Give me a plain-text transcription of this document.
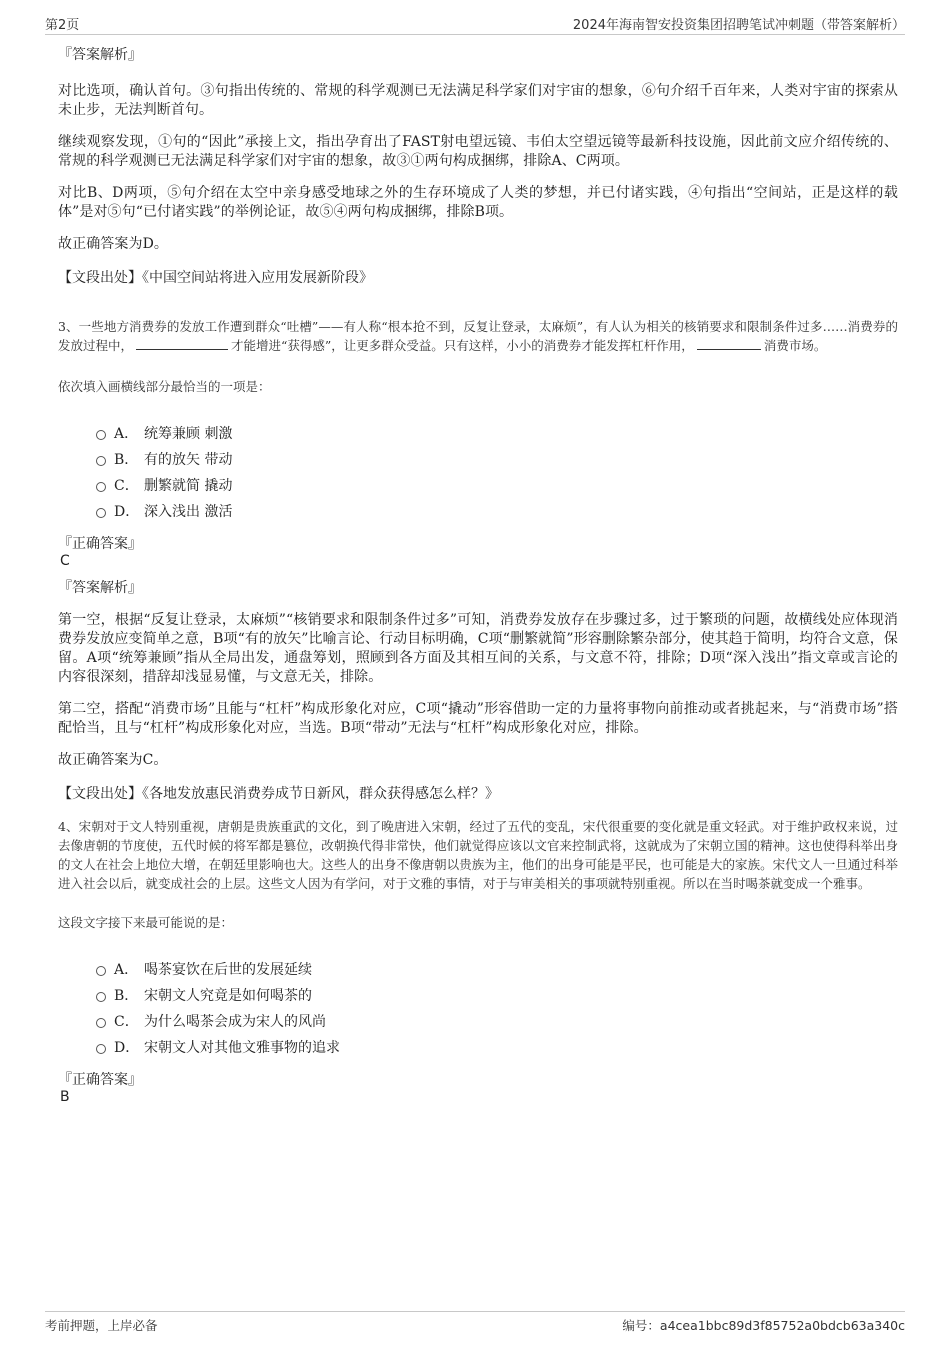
第2页	2024年海南智安投资集团招聘笔试冲刺题（带答案解析）
『答案解析』

对比选项，确认首句。③句指出传统的、常规的科学观测已无法满足科学家们对宇宙的想象，⑥句介绍千百年来，人类对宇宙的探索从未止步，无法判断首句。

继续观察发现，①句的“因此”承接上文，指出孕育出了FAST射电望远镜、韦伯太空望远镜等最新科技设施，因此前文应介绍传统的、常规的科学观测已无法满足科学家们对宇宙的想象，故③①两句构成捆绑，排除A、C两项。

对比B、D两项，⑤句介绍在太空中亲身感受地球之外的生存环境成了人类的梦想，并已付诸实践，④句指出“空间站，正是这样的载体”是对⑤句“已付诸实践”的举例论证，故⑤④两句构成捆绑，排除B项。

故正确答案为D。

【文段出处】《中国空间站将进入应用发展新阶段》

3、一些地方消费券的发放工作遭到群众“吐槽”——有人称“根本抢不到，反复让登录，太麻烦”，有人认为相关的核销要求和限制条件过多……消费券的发放过程中，	才能增进“获得感”，让更多群众受益。只有这样，小小的消费券才能发挥杠杆作用，	消费市场。

依次填入画横线部分最恰当的一项是：

A． 统筹兼顾 刺激
B． 有的放矢 带动
C． 删繁就简 撬动
D． 深入浅出 激活
『正确答案』
C
『答案解析』

第一空，根据“反复让登录，太麻烦”“核销要求和限制条件过多”可知，消费券发放存在步骤过多，过于繁琐的问题，故横线处应体现消费券发放应变简单之意，B项“有的放矢”比喻言论、行动目标明确，C项“删繁就简”形容删除繁杂部分，使其趋于简明，均符合文意，保留。A项“统筹兼顾”指从全局出发，通盘筹划，照顾到各方面及其相互间的关系，与文意不符，排除；D项“深入浅出”指文章或言论的内容很深刻，措辞却浅显易懂，与文意无关，排除。

第二空，搭配“消费市场”且能与“杠杆”构成形象化对应，C项“撬动”形容借助一定的力量将事物向前推动或者挑起来，与“消费市场”搭配恰当，且与“杠杆”构成形象化对应，当选。B项“带动”无法与“杠杆”构成形象化对应，排除。

故正确答案为C。

【文段出处】《各地发放惠民消费券成节日新风，群众获得感怎么样？》

4、宋朝对于文人特别重视，唐朝是贵族重武的文化，到了晚唐进入宋朝，经过了五代的变乱，宋代很重要的变化就是重文轻武。对于维护政权来说，过去像唐朝的节度使，五代时候的将军都是篡位，改朝换代得非常快，他们就觉得应该以文官来控制武将，这就成为了宋朝立国的精神。这也使得科举出身的文人在社会上地位大增，在朝廷里影响也大。这些人的出身不像唐朝以贵族为主，他们的出身可能是平民，也可能是大的家族。宋代文人一旦通过科举进入社会以后，就变成社会的上层。这些文人因为有学问，对于文雅的事情，对于与审美相关的事项就特别重视。所以在当时喝茶就变成一个雅事。

这段文字接下来最可能说的是：

A． 喝茶宴饮在后世的发展延续
B． 宋朝文人究竟是如何喝茶的
C． 为什么喝茶会成为宋人的风尚
D． 宋朝文人对其他文雅事物的追求
『正确答案』
B
考前押题，上岸必备	编号：a4cea1bbc89d3f85752a0bdcb63a340c
